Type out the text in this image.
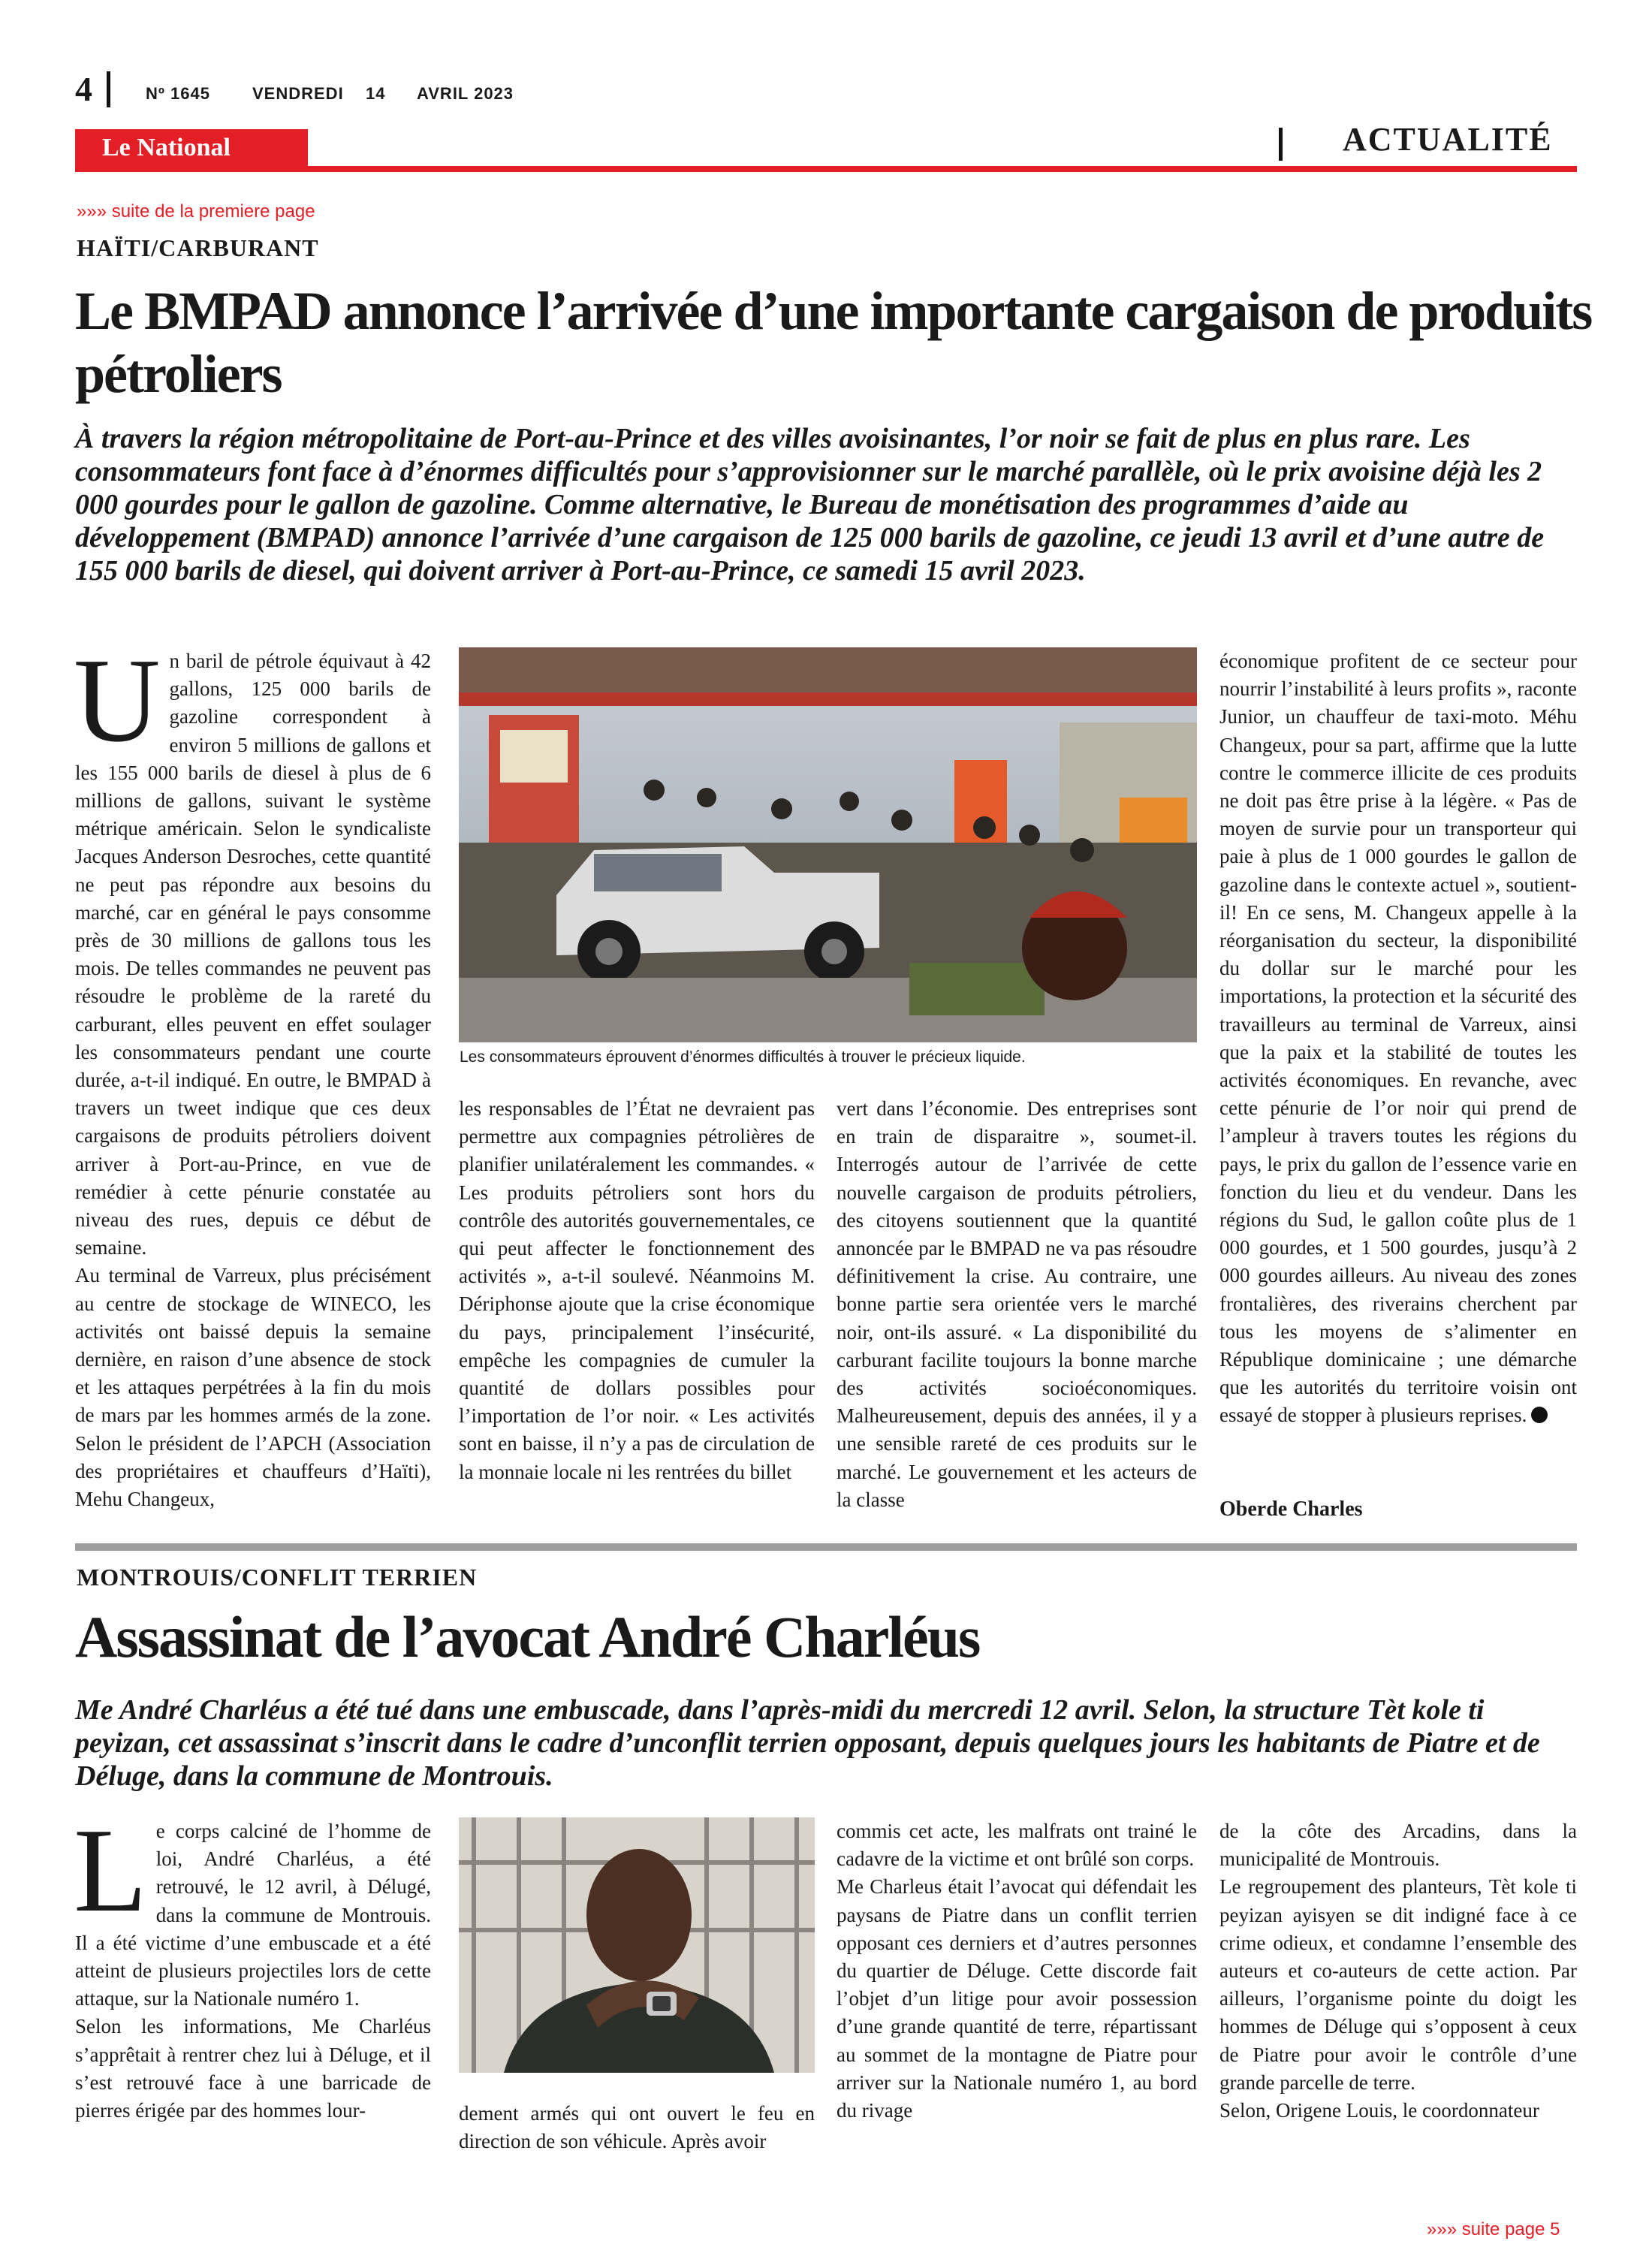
4	Nº 1645	VENDREDI 14 AVRIL 2023
Le National	ACTUALITÉ
»»» suite de la premiere page
HAÏTI/CARBURANT
Le BMPAD annonce l’arrivée d’une importante cargaison de produits pétroliers
À travers la région métropolitaine de Port-au-Prince et des villes avoisinantes, l’or noir se fait de plus en plus rare. Les consommateurs font face à d’énormes difficultés pour s’approvisionner sur le marché parallèle, où le prix avoisine déjà les 2 000 gourdes pour le gallon de gazoline. Comme alternative, le Bureau de monétisation des programmes d’aide au développement (BMPAD) annonce l’arrivée d’une cargaison de 125 000 barils de gazoline, ce jeudi 13 avril et d’une autre de 155 000 barils de diesel, qui doivent arriver à Port-au-Prince, ce samedi 15 avril 2023.
U n baril de pétrole équivaut à 42 gallons, 125 000 barils de gazoline correspondent à environ 5 millions de gallons et les 155 000 barils de diesel à plus de 6 millions de gallons, suivant le système métrique américain. Selon le syndicaliste Jacques Anderson Desroches, cette quantité ne peut pas répondre aux besoins du marché, car en général le pays consomme près de 30 millions de gallons tous les mois. De telles commandes ne peuvent pas résoudre le problème de la rareté du carburant, elles peuvent en effet soulager les consommateurs pendant une courte durée, a-t-il indiqué. En outre, le BMPAD à travers un tweet indique que ces deux cargaisons de produits pétroliers doivent arriver à Port-au-Prince, en vue de remédier à cette pénurie constatée au niveau des rues, depuis ce début de semaine.

Au terminal de Varreux, plus précisément au centre de stockage de WINECO, les activités ont baissé depuis la semaine dernière, en raison d’une absence de stock et les attaques perpétrées à la fin du mois de mars par les hommes armés de la zone. Selon le président de l’APCH (Association des propriétaires et chauffeurs d’Haïti), Mehu Changeux,

Les consommateurs éprouvent d’énormes difficultés à trouver le précieux liquide.

les responsables de l’État ne devraient pas permettre aux compagnies pétrolières de planifier unilatéralement les commandes. « Les produits pétroliers sont hors du contrôle des autorités gouvernementales, ce qui peut affecter le fonctionnement des activités », a-t-il soulevé. Néanmoins M. Dériphonse ajoute que la crise économique du pays, principalement l’insécurité, empêche les compagnies de cumuler la quantité de dollars possibles pour l’importation de l’or noir. « Les activités sont en baisse, il n’y a pas de circulation de la monnaie locale ni les rentrées du billet

vert dans l’économie. Des entreprises sont en train de disparaitre », soumet-il. Interrogés autour de l’arrivée de cette nouvelle cargaison de produits pétroliers, des citoyens soutiennent que la quantité annoncée par le BMPAD ne va pas résoudre définitivement la crise. Au contraire, une bonne partie sera orientée vers le marché noir, ont-ils assuré. « La disponibilité du carburant facilite toujours la bonne marche des activités socioéconomiques. Malheureusement, depuis des années, il y a une sensible rareté de ces produits sur le marché. Le gouvernement et les acteurs de la classe

économique profitent de ce secteur pour nourrir l’instabilité à leurs profits », raconte Junior, un chauffeur de taxi-moto. Méhu Changeux, pour sa part, affirme que la lutte contre le commerce illicite de ces produits ne doit pas être prise à la légère. « Pas de moyen de survie pour un transporteur qui paie à plus de 1 000 gourdes le gallon de gazoline dans le contexte actuel », soutient-il! En ce sens, M. Changeux appelle à la réorganisation du secteur, la disponibilité du dollar sur le marché pour les importations, la protection et la sécurité des travailleurs au terminal de Varreux, ainsi que la paix et la stabilité de toutes les activités économiques. En revanche, avec cette pénurie de l’or noir qui prend de l’ampleur à travers toutes les régions du pays, le prix du gallon de l’essence varie en fonction du lieu et du vendeur. Dans les régions du Sud, le gallon coûte plus de 1 000 gourdes, et 1 500 gourdes, jusqu’à 2 000 gourdes ailleurs. Au niveau des zones frontalières, des riverains cherchent par tous les moyens de s’alimenter en République dominicaine ; une démarche que les autorités du territoire voisin ont essayé de stopper à plusieurs reprises.

Oberde Charles
MONTROUIS/CONFLIT TERRIEN
Assassinat de l’avocat André Charléus
Me André Charléus a été tué dans une embuscade, dans l’après-midi du mercredi 12 avril. Selon, la structure Tèt kole ti peyizan, cet assassinat s’inscrit dans le cadre d’unconflit terrien opposant, depuis quelques jours les habitants de Piatre et de Déluge, dans la commune de Montrouis.
L e corps calciné de l’homme de loi, André Charléus, a été retrouvé, le 12 avril, à Délugé, dans la commune de Montrouis. Il a été victime d’une embuscade et a été atteint de plusieurs projectiles lors de cette attaque, sur la Nationale numéro 1.

Selon les informations, Me Charléus s’apprêtait à rentrer chez lui à Déluge, et il s’est retrouvé face à une barricade de pierres érigée par des hommes lour-	dement armés qui ont ouvert le feu en direction de son véhicule. Après avoir

commis cet acte, les malfrats ont trainé le cadavre de la victime et ont brûlé son corps.

Me Charleus était l’avocat qui défendait les paysans de Piatre dans un conflit terrien opposant ces derniers et d’autres personnes du quartier de Déluge. Cette discorde fait l’objet d’un litige pour avoir possession d’une grande quantité de terre, répartissant au sommet de la montagne de Piatre pour arriver sur la Nationale numéro 1, au bord du rivage

de la côte des Arcadins, dans la municipalité de Montrouis.

Le regroupement des planteurs, Tèt kole ti peyizan ayisyen se dit indigné face à ce crime odieux, et condamne l’ensemble des auteurs et co-auteurs de cette action. Par ailleurs, l’organisme pointe du doigt les hommes de Déluge qui s’opposent à ceux de Piatre pour avoir le contrôle d’une grande parcelle de terre.

Selon, Origene Louis, le coordonnateur

»»» suite page 5
